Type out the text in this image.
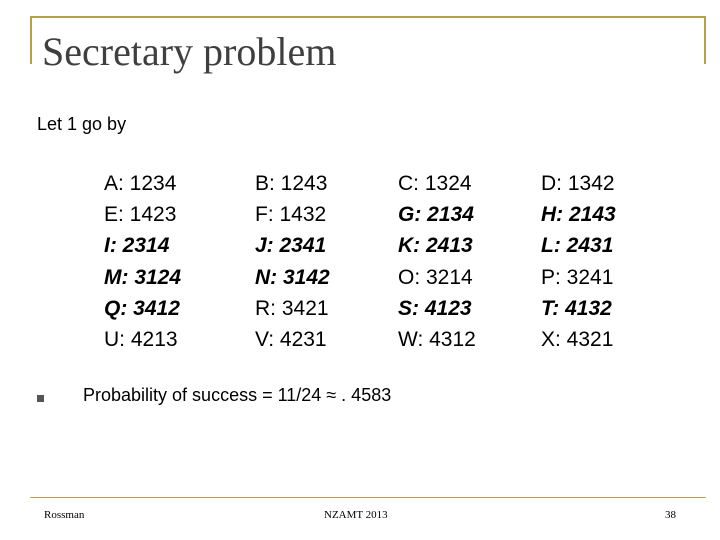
Secretary problem
Let 1 go by
A: 1234
E: 1423
I: 2314
M: 3124
Q: 3412
U: 4213
B: 1243
F: 1432
J: 2341
N: 3142
R: 3421
V: 4231
C: 1324
G: 2134
K: 2413
O: 3214
S: 4123
W: 4312
D: 1342
H: 2143
L: 2431
P: 3241
T: 4132
X: 4321
Probability of success = 11/24 ≈ . 4583
Rossman	NZAMT 2013	38
